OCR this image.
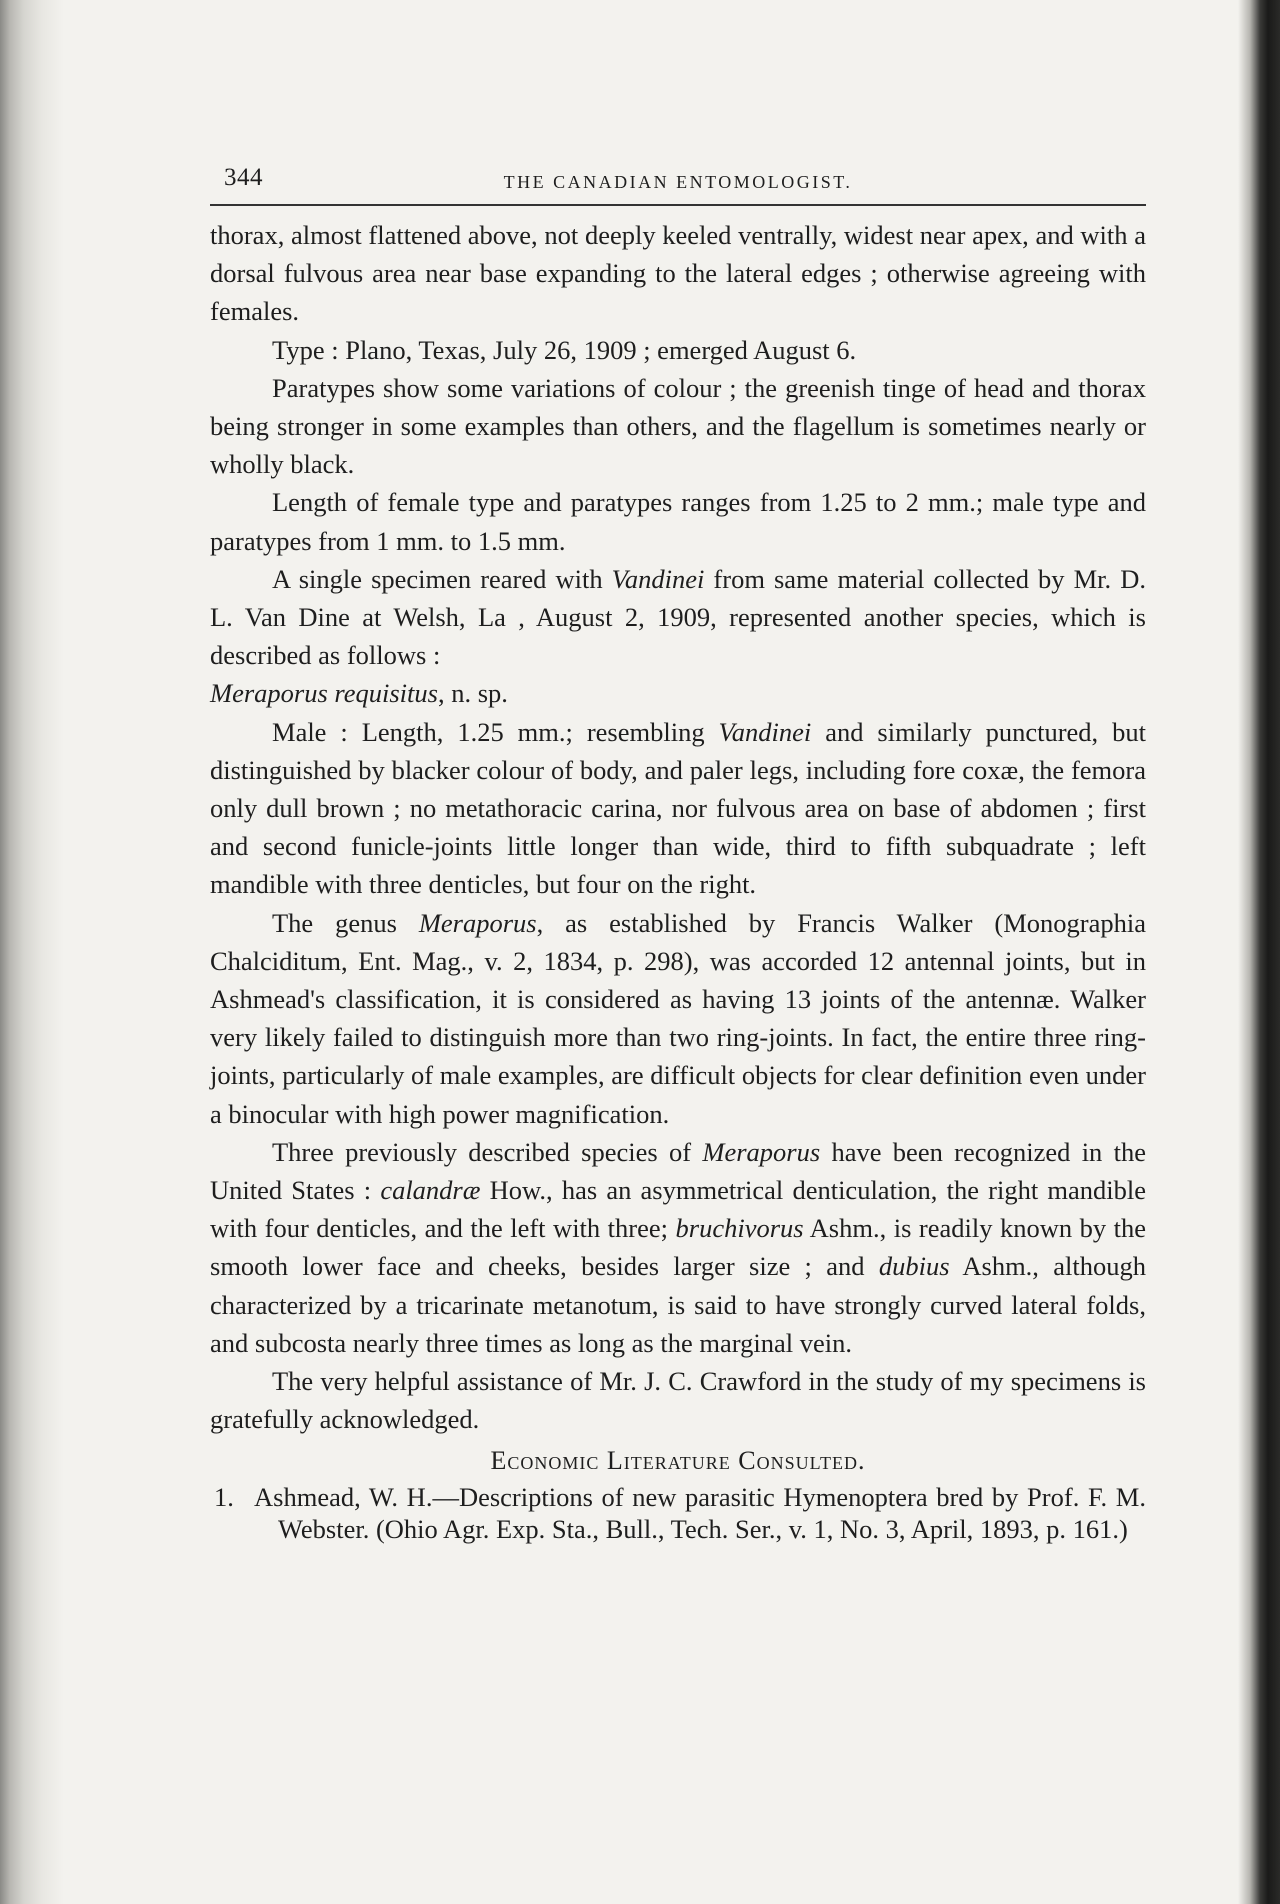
344	THE CANADIAN ENTOMOLOGIST.

thorax, almost flattened above, not deeply keeled ventrally, widest near apex, and with a dorsal fulvous area near base expanding to the lateral edges ; otherwise agreeing with females.

Type : Plano, Texas, July 26, 1909 ; emerged August 6.

Paratypes show some variations of colour ; the greenish tinge of head and thorax being stronger in some examples than others, and the flagellum is sometimes nearly or wholly black.

Length of female type and paratypes ranges from 1.25 to 2 mm.; male type and paratypes from 1 mm. to 1.5 mm.

A single specimen reared with Vandinei from same material collected by Mr. D. L. Van Dine at Welsh, La , August 2, 1909, represented another species, which is described as follows :

Meraporus requisitus, n. sp.

Male : Length, 1.25 mm.; resembling Vandinei and similarly punctured, but distinguished by blacker colour of body, and paler legs, including fore coxæ, the femora only dull brown ; no metathoracic carina, nor fulvous area on base of abdomen ; first and second funicle-joints little longer than wide, third to fifth subquadrate ; left mandible with three denticles, but four on the right.

The genus Meraporus, as established by Francis Walker (Monographia Chalciditum, Ent. Mag., v. 2, 1834, p. 298), was accorded 12 antennal joints, but in Ashmead's classification, it is considered as having 13 joints of the antennæ. Walker very likely failed to distinguish more than two ring-joints. In fact, the entire three ring-joints, particularly of male examples, are difficult objects for clear definition even under a binocular with high power magnification.

Three previously described species of Meraporus have been recognized in the United States : calandræ How., has an asymmetrical denticulation, the right mandible with four denticles, and the left with three; bruchivorus Ashm., is readily known by the smooth lower face and cheeks, besides larger size ; and dubius Ashm., although characterized by a tricarinate metanotum, is said to have strongly curved lateral folds, and subcosta nearly three times as long as the marginal vein.

The very helpful assistance of Mr. J. C. Crawford in the study of my specimens is gratefully acknowledged.

Economic Literature Consulted.
1. Ashmead, W. H.—Descriptions of new parasitic Hymenoptera bred by Prof. F. M. Webster. (Ohio Agr. Exp. Sta., Bull., Tech. Ser., v. 1, No. 3, April, 1893, p. 161.)
